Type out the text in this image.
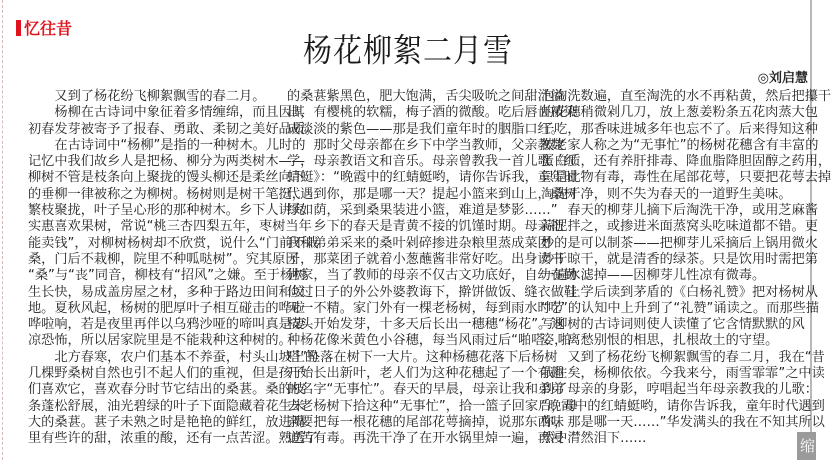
忆往昔
杨花柳絮二月雪
◎刘启慧
又到了杨花纷飞柳絮飘雪的春二月。
杨柳在古诗词中象征着多情缠绵，而且因其
初春发芽被寄予了报春、勇敢、柔韧之美好品质。
在古诗词中“杨柳”是指的一种树木。儿时的
记忆中我们故乡人是把杨、柳分为两类树木——
柳树不管是枝条向上聚拢的馒头柳还是柔丝向下
的垂柳一律被称之为柳树。杨树则是树干笔挺，
繁枝聚拢，叶子呈心形的那种树木。乡下人讲究
实惠喜欢果树，常说“桃三杏四梨五年，枣树当年
能卖钱”，对柳树杨树却不欣赏，说什么“门前不栽
桑，门后不栽柳，院里不种呱哒树”。究其原因
“桑”与“丧”同音，柳枝有“招风”之嫌。至于杨树
生长快，易成盖房屋之材，多种于路边田间和坟
地。夏秋风起，杨树的肥厚叶子相互碰击的哗啦
哗啦响，若是夜里再伴以乌鸦沙哑的啼叫真是凄
凉恐怖，所以居家院里是不能栽种这种树的。
北方春寒，农户们基本不养蚕，村头山坡上的
几棵野桑树自然也引不起人们的重视，但是孩子
们喜欢它，喜欢春分时节它结出的桑葚。桑的枝
条蓬松舒展，油光碧绿的叶子下面隐藏着花生米
大的桑葚。葚子未熟之时是艳艳的鲜红，放进嘴
里有些许的甜，浓重的酸，还有一点苦涩。熟透了
的桑葚紫黑色，肥大饱满，舌尖吸吮之间甜汁溢
出，有樱桃的软糯，梅子酒的微酸。吃后唇齿被染
成淡淡的紫色——那是我们童年时的胭脂口红。
那时父母亲都在乡下中学当教师，父亲教数
学，母亲教语文和音乐。母亲曾教我一首儿歌《红
蜻蜓》：“晚霞中的红蜻蜓哟，请你告诉我，童年时
代遇到你，那是哪一天？提起小篮来到山上，桑树
绿如荫，采到桑果装进小篮，难道是梦影……”
乡下的春天是青黄不接的饥馑时期。母亲把
我和弟弟采来的桑叶剁碎掺进杂粮里蒸成菜团
子，那菜团子就着小葱蘸酱非常好吃。出身读书
世家，当了教师的母亲不仅古文功底好，自幼在勤
俭过日子的外公外婆教诲下，擀饼做饭、缝衣做鞋
无一不精。家门外有一棵老杨树，每到雨水时节
枝头开始发芽，十多天后长出一穗穗“杨花”。这
种杨花像米黄色小谷穗，每当风雨过后“啪嗒、啪
嗒”坠落在树下一大片。这种杨穗花落下后杨树
开始长出新叶，老人们为这种花穗起了一个有趣
的名字“无事忙”。春天的早晨，母亲让我和弟弟
去老杨树下拾这种“无事忙”，拾一篮子回家后，母
亲要把每一根花穗的尾部花萼摘掉，说那东西味
道苦有毒。再洗干净了在开水锅里焯一遍，再浸
泡淘洗数遍，直至淘洗的水不再粘黄，然后把攥干
的花穗稍微剁几刀，放上葱姜粉条五花肉蒸大包
子吃，那香味进城多年也忘不了。后来得知这种
被老家人称之为“无事忙”的杨树花穗含有丰富的
蛋白质，还有养肝排毒、降血脂降胆固醇之药用，
只是此物有毒，毒性在尾部花萼，只要把花萼去掉
淘洗干净，则不失为春天的一道野生美味。
春天的柳芽儿摘下后淘洗干净，或用芝麻酱
蒜泥拌之，或掺进米面蒸窝头吃味道都不错。更
妙的是可以制茶——把柳芽儿采摘后上锅用微火
炒干晾干，就是清香的绿茶。只是饮用时需把第
一遍水滤掉——因柳芽儿性凉有微毒。
上学后读到茅盾的《白杨礼赞》把对杨树从
“吃”的认知中上升到了“礼赞”诵读之。而那些描
写柳树的古诗词则使人读懂了它含情默默的风
姿，离愁别恨的相思，扎根故土的守望。
又到了杨花纷飞柳絮飘雪的春二月，我在“昔
我往矣，杨柳依依。今我来兮，雨雪霏霏”之中读
到了母亲的身影，哼唱起当年母亲教我的儿歌：
“晚霞中的红蜻蜓哟，请你告诉我，童年时代遇到
你，那是哪一天……”华发满头的我在不知其所以
然中潸然泪下……	缩
